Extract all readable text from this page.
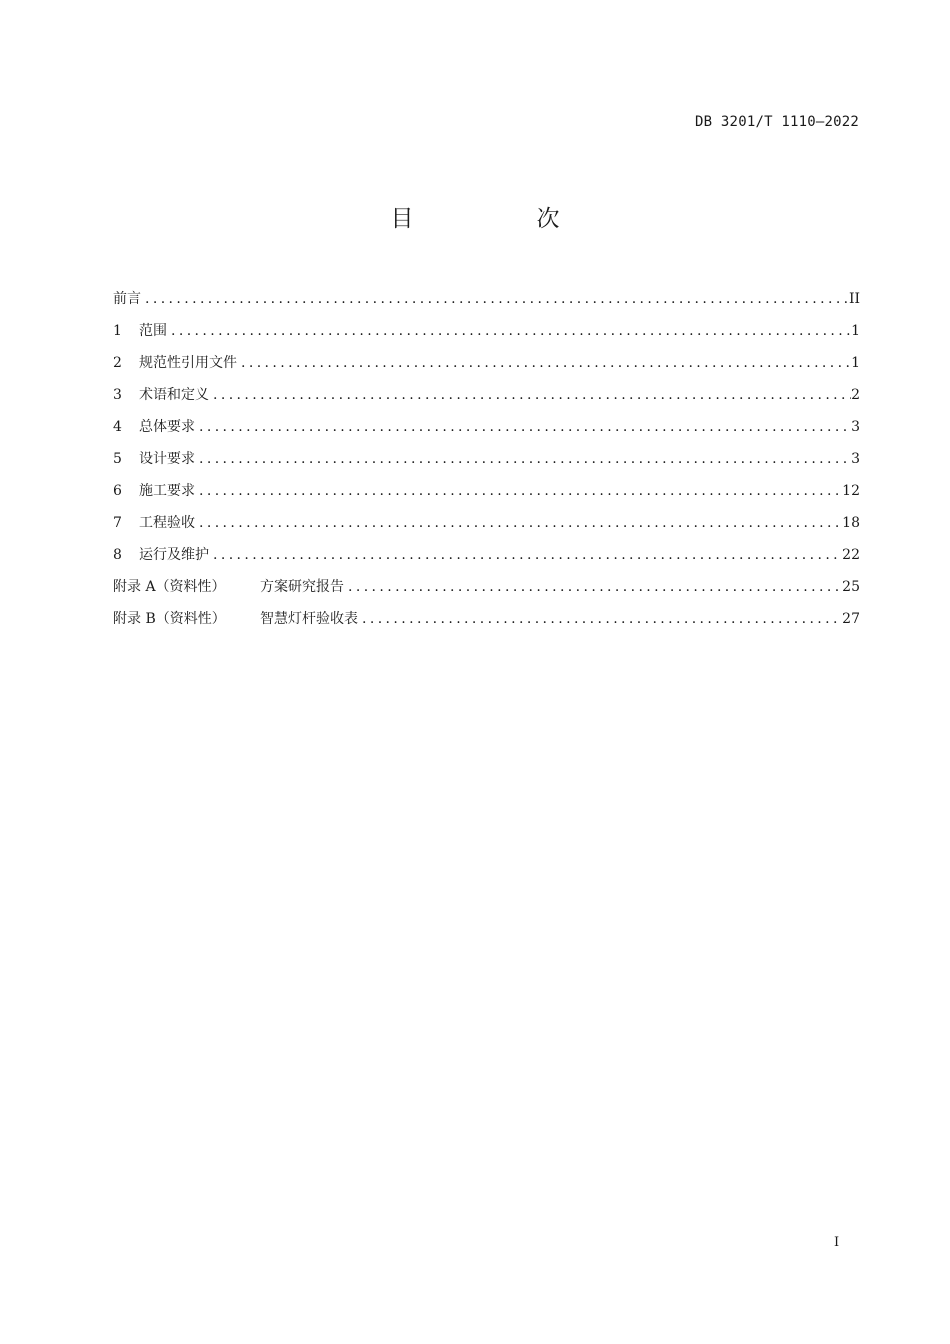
DB 3201/T 1110—2022
目　次
前言 .....	II
1	范围 .....	1
2	规范性引用文件 .....	1
3	术语和定义 .....	2
4	总体要求 .....	3
5	设计要求 .....	3
6	施工要求 .....	12
7	工程验收 .....	18
8	运行及维护 .....	22
附录 A（资料性）	方案研究报告 .....	25
附录 B（资料性）	智慧灯杆验收表 .....	27
I
